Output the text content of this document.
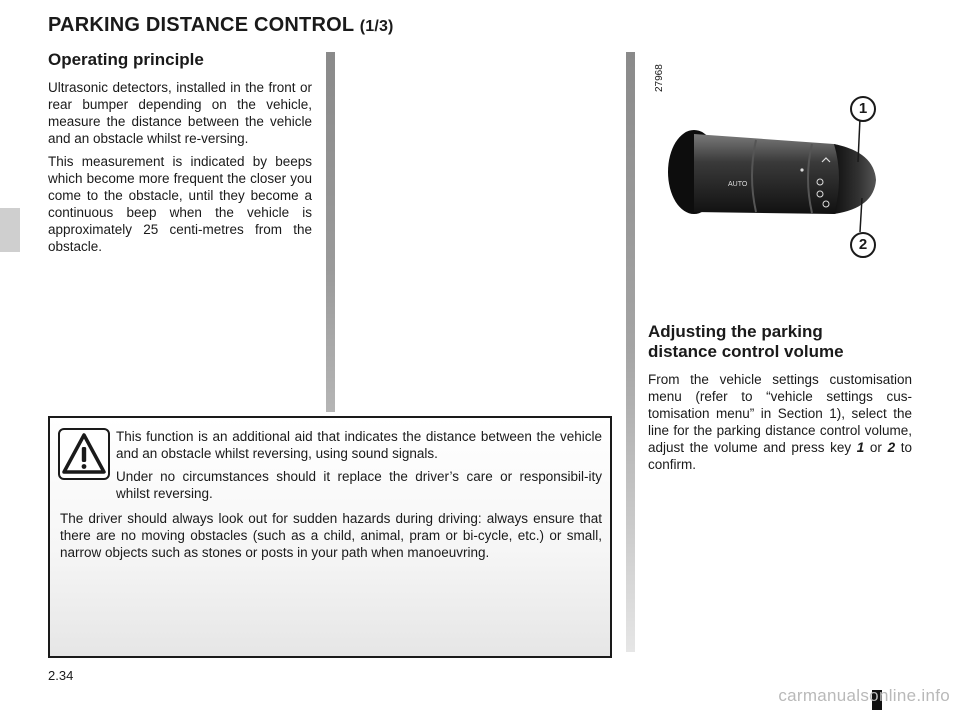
PARKING DISTANCE CONTROL (1/3)
Operating principle

Ultrasonic detectors, installed in the front or rear bumper depending on the vehicle, measure the distance between the vehicle and an obstacle whilst re-versing.

This measurement is indicated by beeps which become more frequent the closer you come to the obstacle, until they become a continuous beep when the vehicle is approximately 25 centi-metres from the obstacle.

This function is an additional aid that indicates the distance between the vehicle and an obstacle whilst reversing, using sound signals.

Under no circumstances should it replace the driver’s care or responsibil-ity whilst reversing.

The driver should always look out for sudden hazards during driving: always ensure that there are no moving obstacles (such as a child, animal, pram or bi-cycle, etc.) or small, narrow objects such as stones or posts in your path when manoeuvring.

27968
AUTO
1
2
Adjusting the parking
distance control volume

From the vehicle settings customisation menu (refer to “vehicle settings cus-tomisation menu” in Section 1), select the line for the parking distance control volume, adjust the volume and press key 1 or 2 to confirm.

2.34
carmanualsonline.info
